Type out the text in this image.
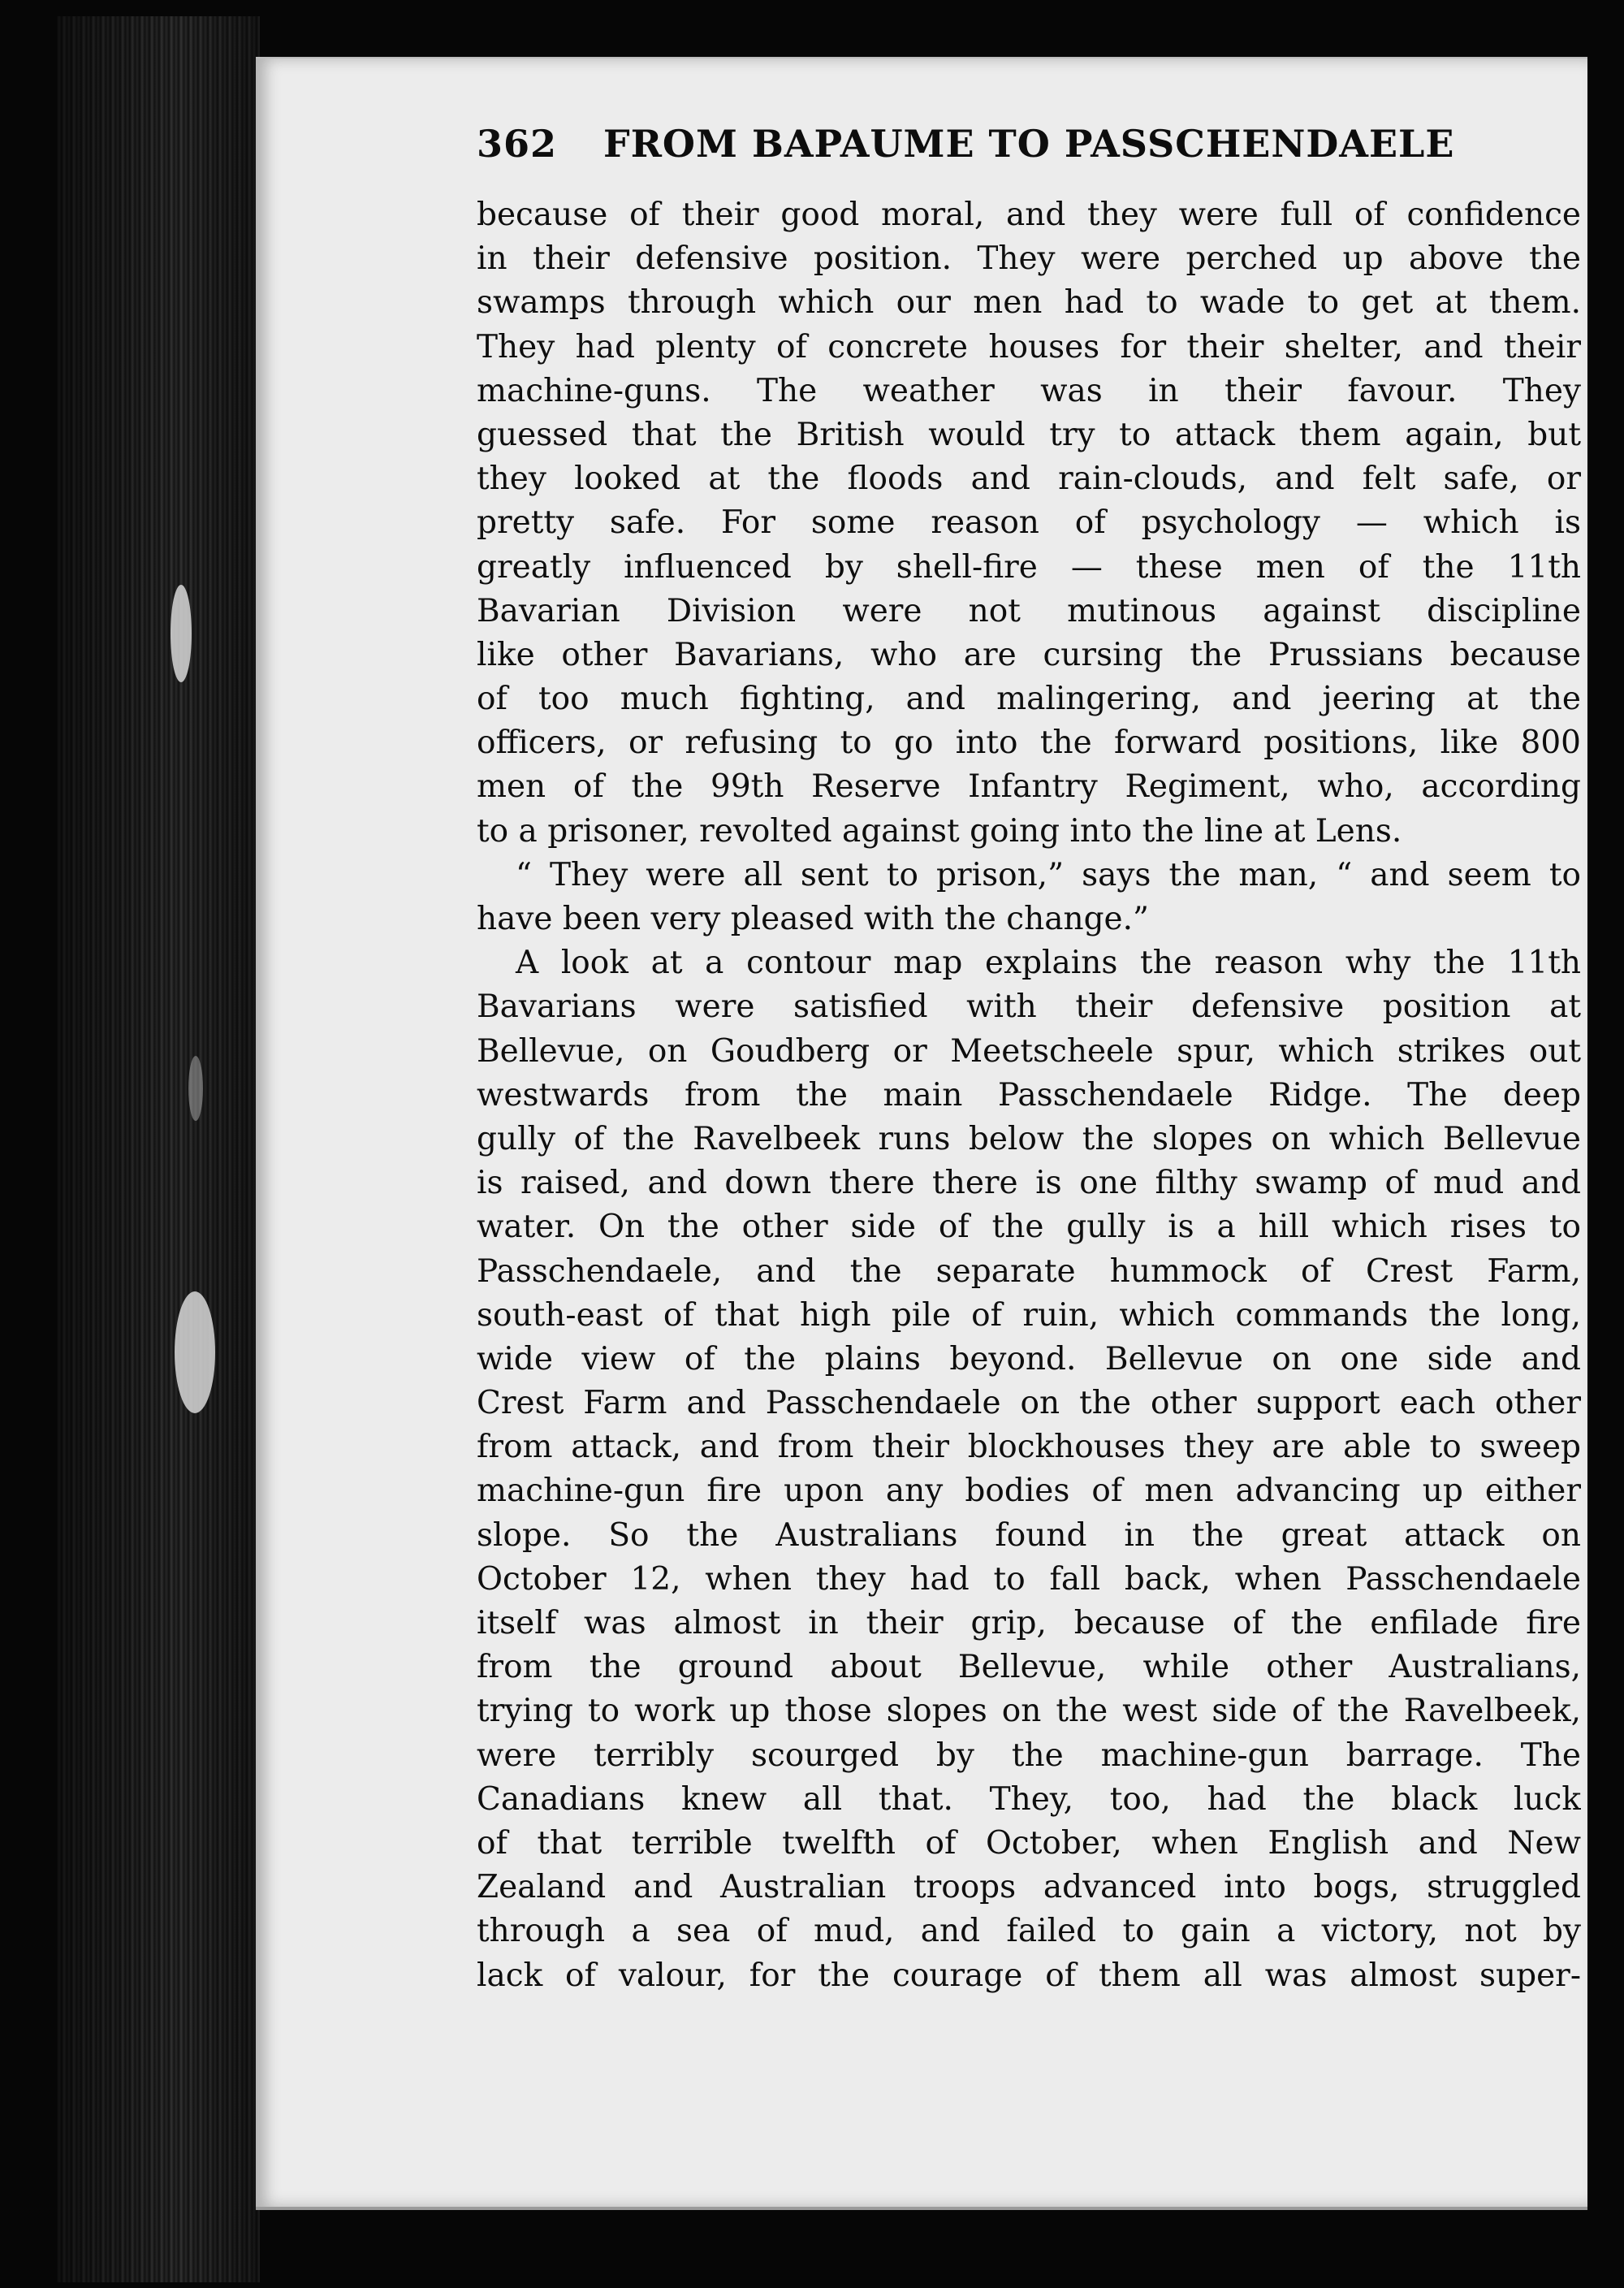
362 FROM BAPAUME TO PASSCHENDAELE
because of their good moral, and they were full of confidence
in their defensive position. They were perched up above the
swamps through which our men had to wade to get at them.
They had plenty of concrete houses for their shelter, and their
machine-guns. The weather was in their favour. They
guessed that the British would try to attack them again, but
they looked at the floods and rain-clouds, and felt safe, or
pretty safe. For some reason of psychology — which is
greatly influenced by shell-fire — these men of the 11th
Bavarian Division were not mutinous against discipline
like other Bavarians, who are cursing the Prussians because
of too much fighting, and malingering, and jeering at the
officers, or refusing to go into the forward positions, like 800
men of the 99th Reserve Infantry Regiment, who, according
to a prisoner, revolted against going into the line at Lens.
“ They were all sent to prison,” says the man, “ and seem to
have been very pleased with the change.”
A look at a contour map explains the reason why the 11th
Bavarians were satisfied with their defensive position at
Bellevue, on Goudberg or Meetscheele spur, which strikes out
westwards from the main Passchendaele Ridge. The deep
gully of the Ravelbeek runs below the slopes on which Bellevue
is raised, and down there there is one filthy swamp of mud and
water. On the other side of the gully is a hill which rises to
Passchendaele, and the separate hummock of Crest Farm,
south-east of that high pile of ruin, which commands the long,
wide view of the plains beyond. Bellevue on one side and
Crest Farm and Passchendaele on the other support each other
from attack, and from their blockhouses they are able to sweep
machine-gun fire upon any bodies of men advancing up either
slope. So the Australians found in the great attack on
October 12, when they had to fall back, when Passchendaele
itself was almost in their grip, because of the enfilade fire
from the ground about Bellevue, while other Australians,
trying to work up those slopes on the west side of the Ravelbeek,
were terribly scourged by the machine-gun barrage. The
Canadians knew all that. They, too, had the black luck
of that terrible twelfth of October, when English and New
Zealand and Australian troops advanced into bogs, struggled
through a sea of mud, and failed to gain a victory, not by
lack of valour, for the courage of them all was almost super-
